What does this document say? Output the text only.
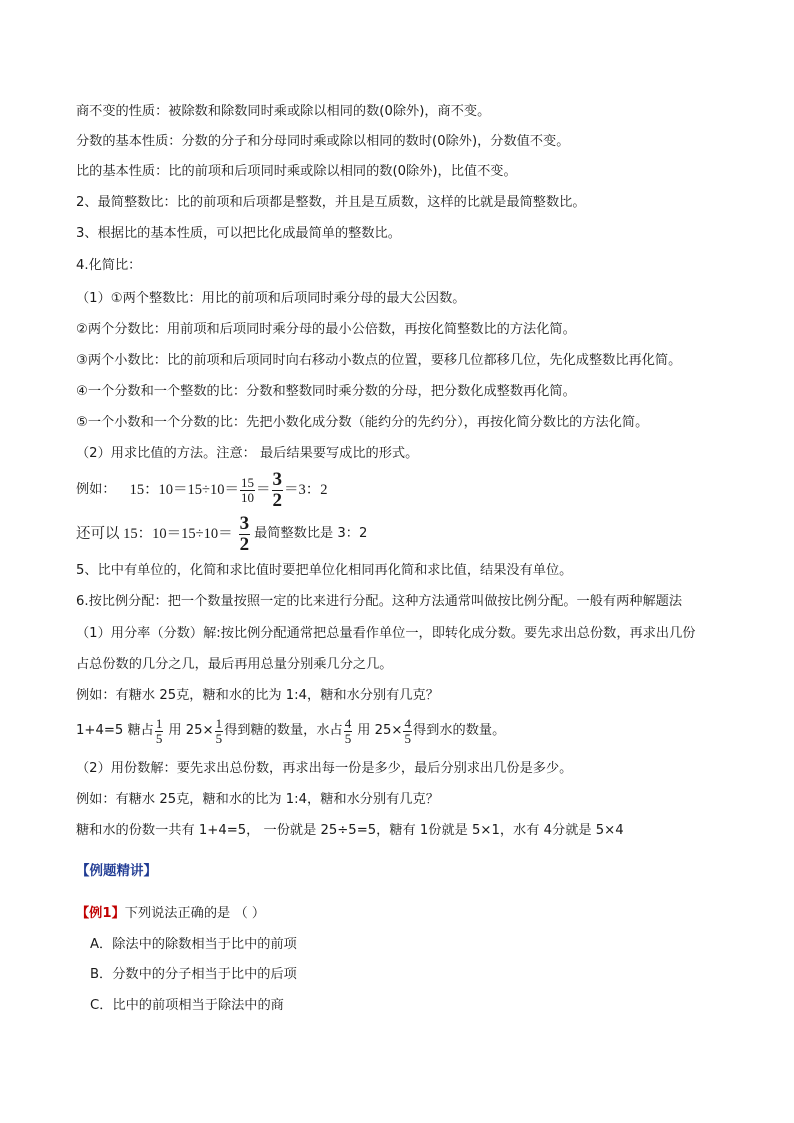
商不变的性质：被除数和除数同时乘或除以相同的数(0除外)，商不变。
分数的基本性质：分数的分子和分母同时乘或除以相同的数时(0除外)，分数值不变。
比的基本性质：比的前项和后项同时乘或除以相同的数(0除外)，比值不变。
2、最简整数比：比的前项和后项都是整数，并且是互质数，这样的比就是最简整数比。
3、根据比的基本性质，可以把比化成最简单的整数比。
4.化简比：
（1）①两个整数比：用比的前项和后项同时乘分母的最大公因数。
②两个分数比：用前项和后项同时乘分母的最小公倍数，再按化简整数比的方法化简。
③两个小数比：比的前项和后项同时向右移动小数点的位置，要移几位都移几位，先化成整数比再化简。
④一个分数和一个整数的比：分数和整数同时乘分数的分母，把分数化成整数再化简。
⑤一个小数和一个分数的比：先把小数化成分数（能约分的先约分），再按化简分数比的方法化简。
（2）用求比值的方法。注意： 最后结果要写成比的形式。
例如： 15：$10=15\div 10= \frac{15}{10} = \frac{3}{2} =3$：2
还可以 15：$10=15\div 10= \frac{3}{2}$ 最简整数比是 3：2
5、比中有单位的，化简和求比值时要把单位化相同再化简和求比值，结果没有单位。
6.按比例分配：把一个数量按照一定的比来进行分配。这种方法通常叫做按比例分配。一般有两种解题法
（1）用分率（分数）解:按比例分配通常把总量看作单位一，即转化成分数。要先求出总份数，再求出几份
占总份数的几分之几，最后再用总量分别乘几分之几。
例如：有糖水 25克，糖和水的比为 1:4，糖和水分别有几克？
1+4=5 糖占 $\frac{1}{5}$ 用 $25\times \frac{1}{5}$ 得到糖的数量，水占 $\frac{4}{5}$ 用 $25\times \frac{4}{5}$ 得到水的数量。
（2）用份数解：要先求出总份数，再求出每一份是多少，最后分别求出几份是多少。
例如：有糖水 25克，糖和水的比为 1:4，糖和水分别有几克？
糖和水的份数一共有 1+4=5， 一份就是 25÷5=5，糖有 1份就是 5×1，水有 4分就是 5×4
【例题精讲】
【例1】下列说法正确的是 （ ）
A．除法中的除数相当于比中的前项
B．分数中的分子相当于比中的后项
C．比中的前项相当于除法中的商
